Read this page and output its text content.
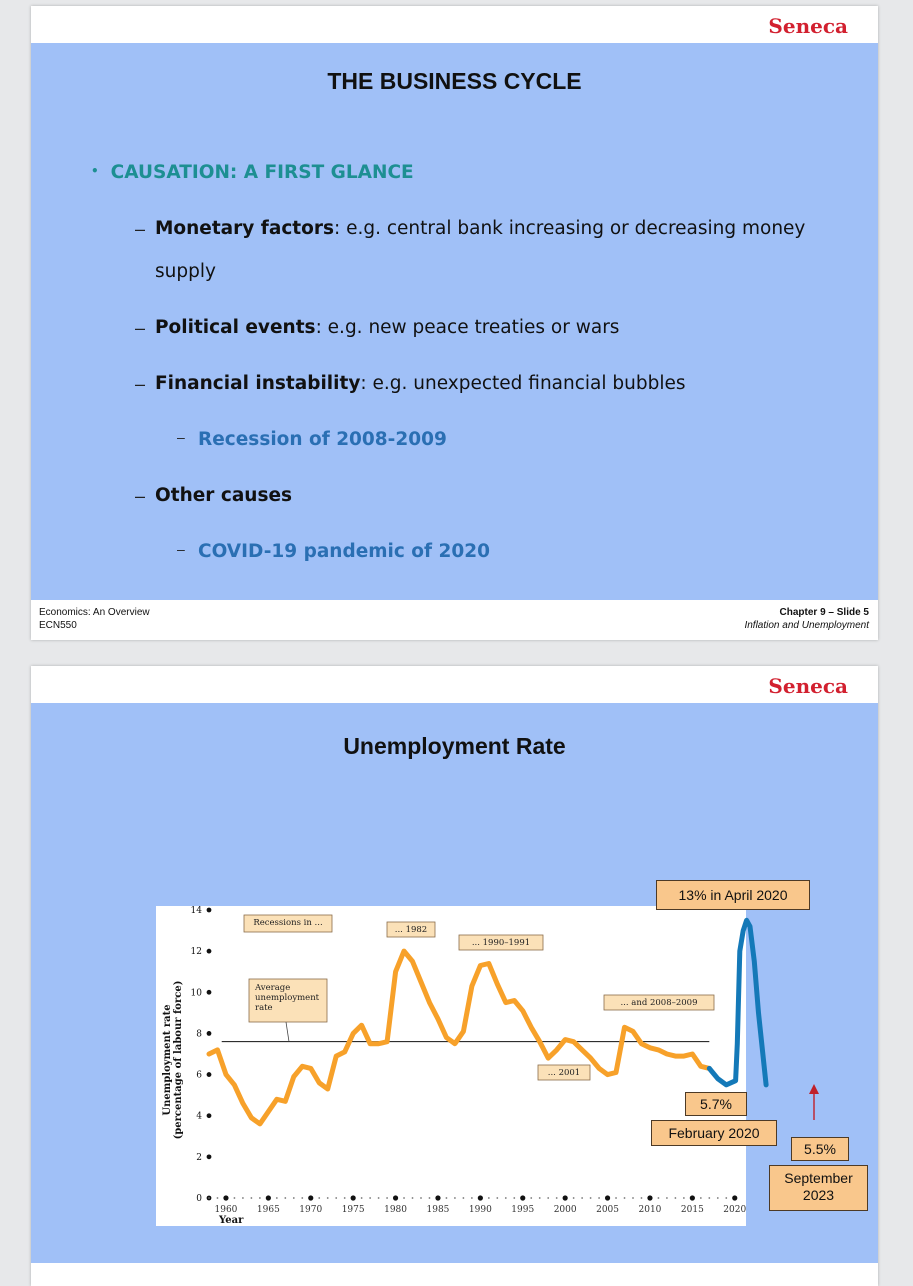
Seneca
THE BUSINESS CYCLE
• CAUSATION: A FIRST GLANCE
– Monetary factors: e.g. central bank increasing or decreasing money
supply
– Political events: e.g. new peace treaties or wars
– Financial instability: e.g. unexpected financial bubbles
– Recession of 2008-2009
– Other causes
– COVID-19 pandemic of 2020
Economics: An Overview
ECN550
Chapter 9 – Slide 5
Inflation and Unemployment
Seneca
Unemployment Rate
0
2
4
6
8
10
12
14
1960 1965 1970 1975 1980 1985 1990 1995 2000 2005 2010 2015 2020
Year
Unemployment rate(percentage of labour force)
Recessions in ...
... 1982
... 1990–1991
... and 2008–2009
... 2001
Average
unemployment
rate
13% in April 2020
5.7%
February 2020
5.5%
September
2023
